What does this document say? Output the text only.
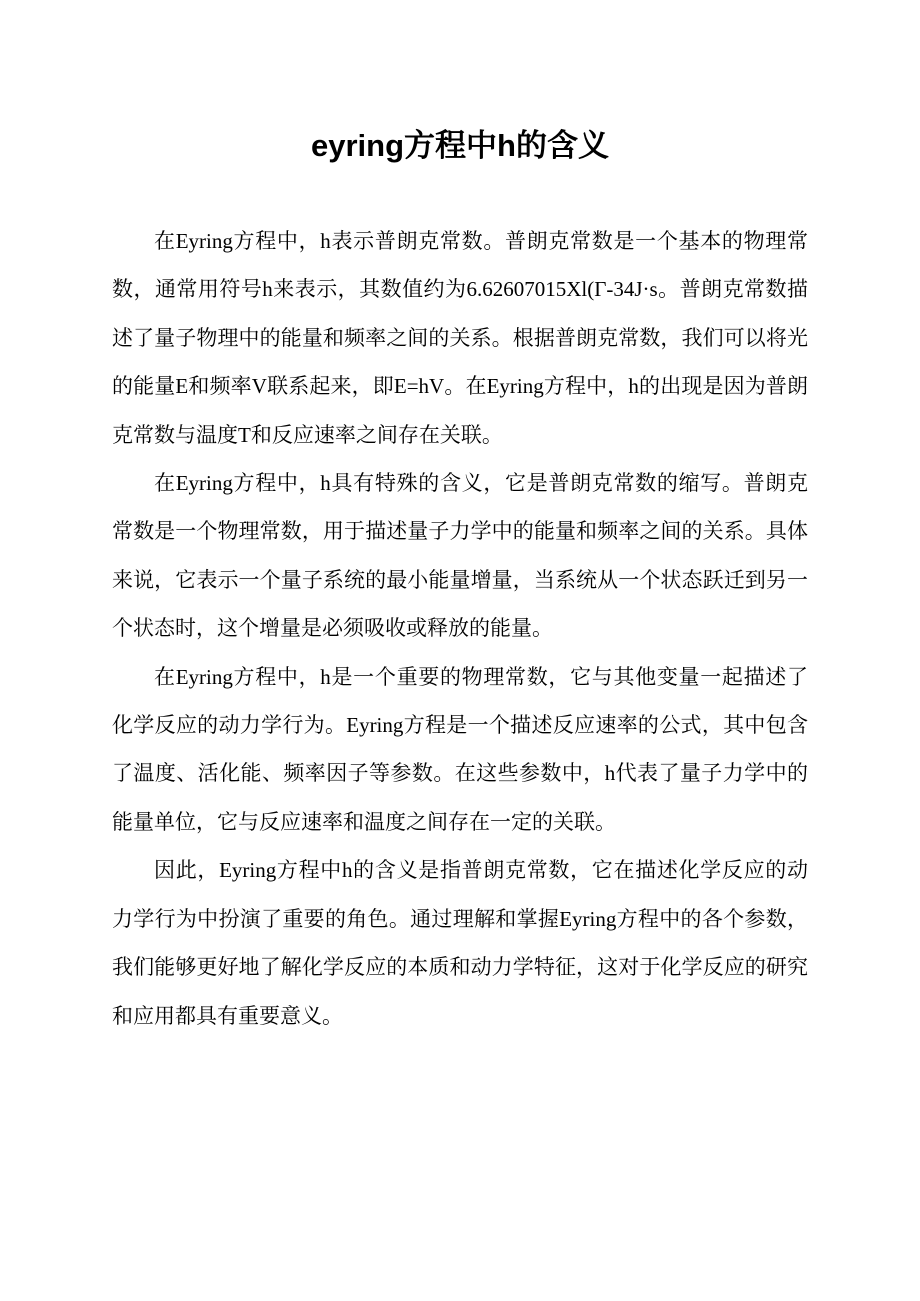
eyring方程中h的含义

在Eyring方程中，h表示普朗克常数。普朗克常数是一个基本的物理常数，通常用符号h来表示，其数值约为6.62607015Xl(Γ-34J·s。普朗克常数描述了量子物理中的能量和频率之间的关系。根据普朗克常数，我们可以将光的能量E和频率V联系起来，即E=hV。在Eyring方程中，h的出现是因为普朗克常数与温度T和反应速率之间存在关联。

在Eyring方程中，h具有特殊的含义，它是普朗克常数的缩写。普朗克常数是一个物理常数，用于描述量子力学中的能量和频率之间的关系。具体来说，它表示一个量子系统的最小能量增量，当系统从一个状态跃迁到另一个状态时，这个增量是必须吸收或释放的能量。

在Eyring方程中，h是一个重要的物理常数，它与其他变量一起描述了化学反应的动力学行为。Eyring方程是一个描述反应速率的公式，其中包含了温度、活化能、频率因子等参数。在这些参数中，h代表了量子力学中的能量单位，它与反应速率和温度之间存在一定的关联。

因此，Eyring方程中h的含义是指普朗克常数，它在描述化学反应的动力学行为中扮演了重要的角色。通过理解和掌握Eyring方程中的各个参数，我们能够更好地了解化学反应的本质和动力学特征，这对于化学反应的研究和应用都具有重要意义。
